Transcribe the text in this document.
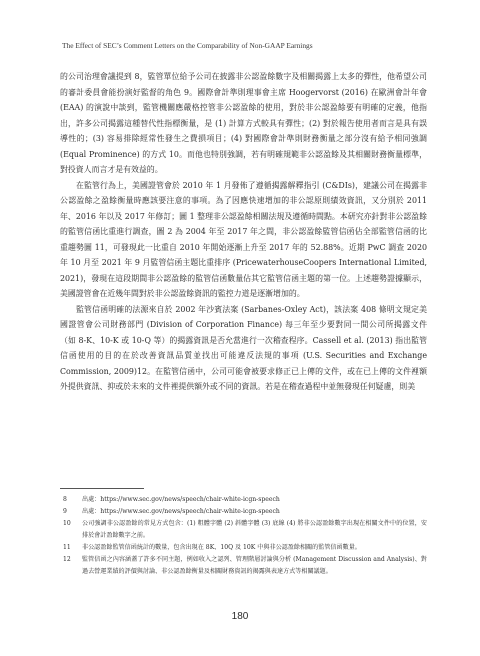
The Effect of SEC’s Comment Letters on the Comparability of Non-GAAP Earnings

的公司治理會議提到 8，監管單位給予公司在披露非公認盈餘數字及相關揭露上太多的彈性，他希望公司的審計委員會能扮演好監督的角色 9。國際會計準則理事會主席 Hoogervorst (2016) 在歐洲會計年會 (EAA) 的演說中談到，監管機關應嚴格控管非公認盈餘的使用，對於非公認盈餘要有明確的定義，他指出，許多公司揭露這種替代性指標衡量，是 (1) 計算方式較具有彈性；(2) 對於報告使用者而言是具有誤導性的；(3) 容易排除經常性發生之費損項目；(4) 對國際會計準則財務衡量之部分沒有給予相同強調 (Equal Prominence) 的方式 10。而他也特別強調，若有明確規範非公認盈餘及其相關財務衡量標準，對投資人而言才是有效益的。

在監管行為上，美國證管會於 2010 年 1 月發佈了遵循揭露解釋指引 (C&DIs)，建議公司在揭露非公認盈餘之盈餘衡量時應該要注意的事項。為了因應快速增加的非公認原則績效資訊，又分別於 2011 年、2016 年以及 2017 年修訂；圖 1 整理非公認盈餘相關法規及遵循時間點。本研究亦針對非公認盈餘的監管信函比重進行調查，圖 2 為 2004 年至 2017 年之間，非公認盈餘監管信函佔全部監管信函的比重趨勢圖 11，可發現此一比重自 2010 年開始逐漸上升至 2017 年的 52.88%。近期 PwC 調查 2020 年 10 月至 2021 年 9 月監管信函主題比重排序 (PricewaterhouseCoopers International Limited, 2021)，發現在這段期間非公認盈餘的監管信函數量佔其它監管信函主題的第一位。上述趨勢證據顯示，美國證管會在近幾年間對於非公認盈餘資訊的監控力道是逐漸增加的。

監管信函明確的法源來自於 2002 年沙賓法案 (Sarbanes-Oxley Act)，該法案 408 條明文規定美國證管會公司財務部門 (Division of Corporation Finance) 每三年至少要對同一間公司所揭露文件（如 8-K、10-K 或 10-Q 等）的揭露資訊是否允當進行一次稽查程序。Cassell et al. (2013) 指出監管信函使用的目的在於改善資訊品質並找出可能違反法規的事項 (U.S. Securities and Exchange Commission, 2009)12。在監管信函中，公司可能會被要求修正已上傳的文件，或在已上傳的文件裡額外提供資訊、抑或於未來的文件裡提供額外或不同的資訊。若是在稽查過程中並無發現任何疑慮，則美

8	出處：https://www.sec.gov/news/speech/chair-white-icgn-speech
9	出處：https://www.sec.gov/news/speech/chair-white-icgn-speech
10	公司強調非公認盈餘的常見方式包含：(1) 粗體字體 (2) 斜體字體 (3) 底線 (4) 將非公認盈餘數字出現在相關文件中的位置，安排於會計盈餘數字之前。
11	非公認盈餘監管信函統計的數量，包含出現在 8K、10Q 及 10K 中與非公認盈餘相關的監管信函數量。
12	監管信函之內容涵蓋了許多不同主題，例如收入之認列、管理階層討論與分析 (Management Discussion and Analysis)、對過去營運業績的評價與討論、非公認盈餘衡量及相關財務資訊的揭露與表達方式等相關議題。
180
